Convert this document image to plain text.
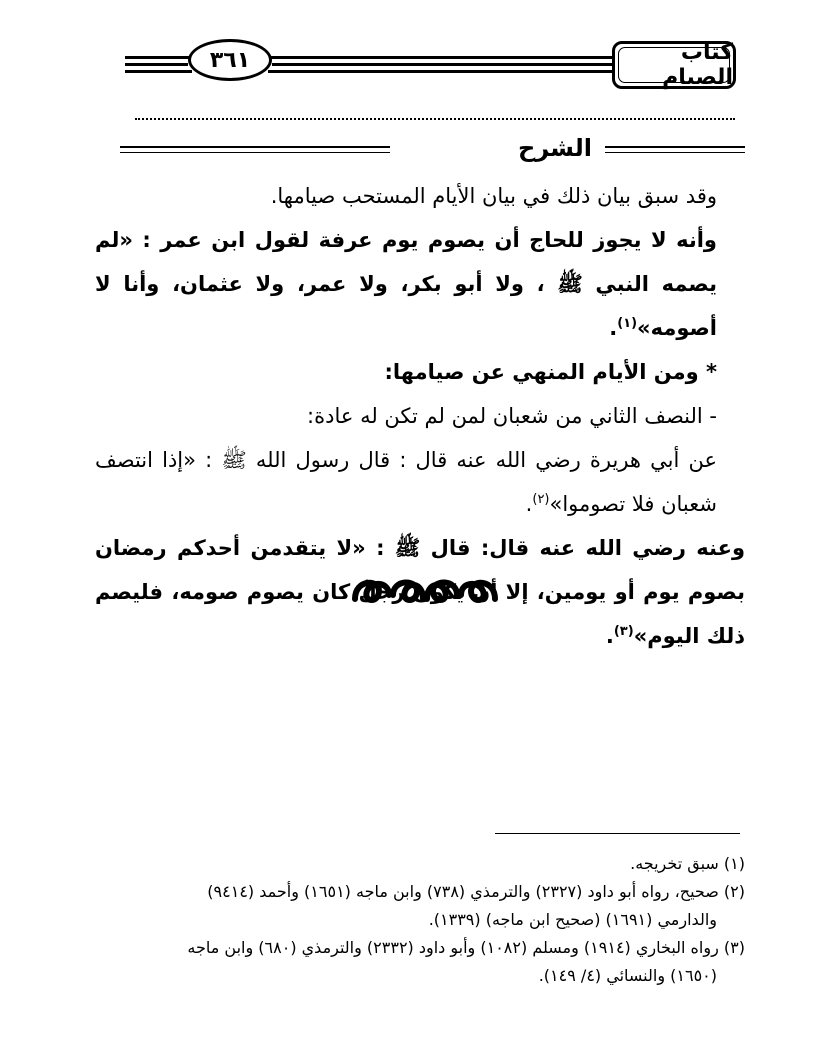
٣٦١	كتاب الصيام
الشرح

وقد سبق بيان ذلك في بيان الأيام المستحب صيامها.

وأنه لا يجوز للحاج أن يصوم يوم عرفة لقول ابن عمر : «لم يصمه النبي ﷺ ، ولا أبو بكر، ولا عمر، ولا عثمان، وأنا لا أصومه»$^{(١)}$.

* ومن الأيام المنهي عن صيامها:

- النصف الثاني من شعبان لمن لم تكن له عادة:

عن أبي هريرة رضي الله عنه قال : قال رسول الله ﷺ : «إذا انتصف شعبان فلا تصوموا»$^{(٢)}$.

وعنه رضي الله عنه قال: قال ﷺ : «لا يتقدمن أحدكم رمضان بصوم يوم أو يومين، إلا أن يكون رجلٌ كان يصوم صومه، فليصم ذلك اليوم»$^{(٣)}$.

(١) سبق تخريجه.

(٢) صحيح، رواه أبو داود (٢٣٢٧) والترمذي (٧٣٨) وابن ماجه (١٦٥١) وأحمد (٩٤١٤)

والدارمي (١٦٩١) (صحيح ابن ماجه) (١٣٣٩).

(٣) رواه البخاري (١٩١٤) ومسلم (١٠٨٢) وأبو داود (٢٣٣٢) والترمذي (٦٨٠) وابن ماجه

(١٦٥٠) والنسائي (٤/ ١٤٩).
